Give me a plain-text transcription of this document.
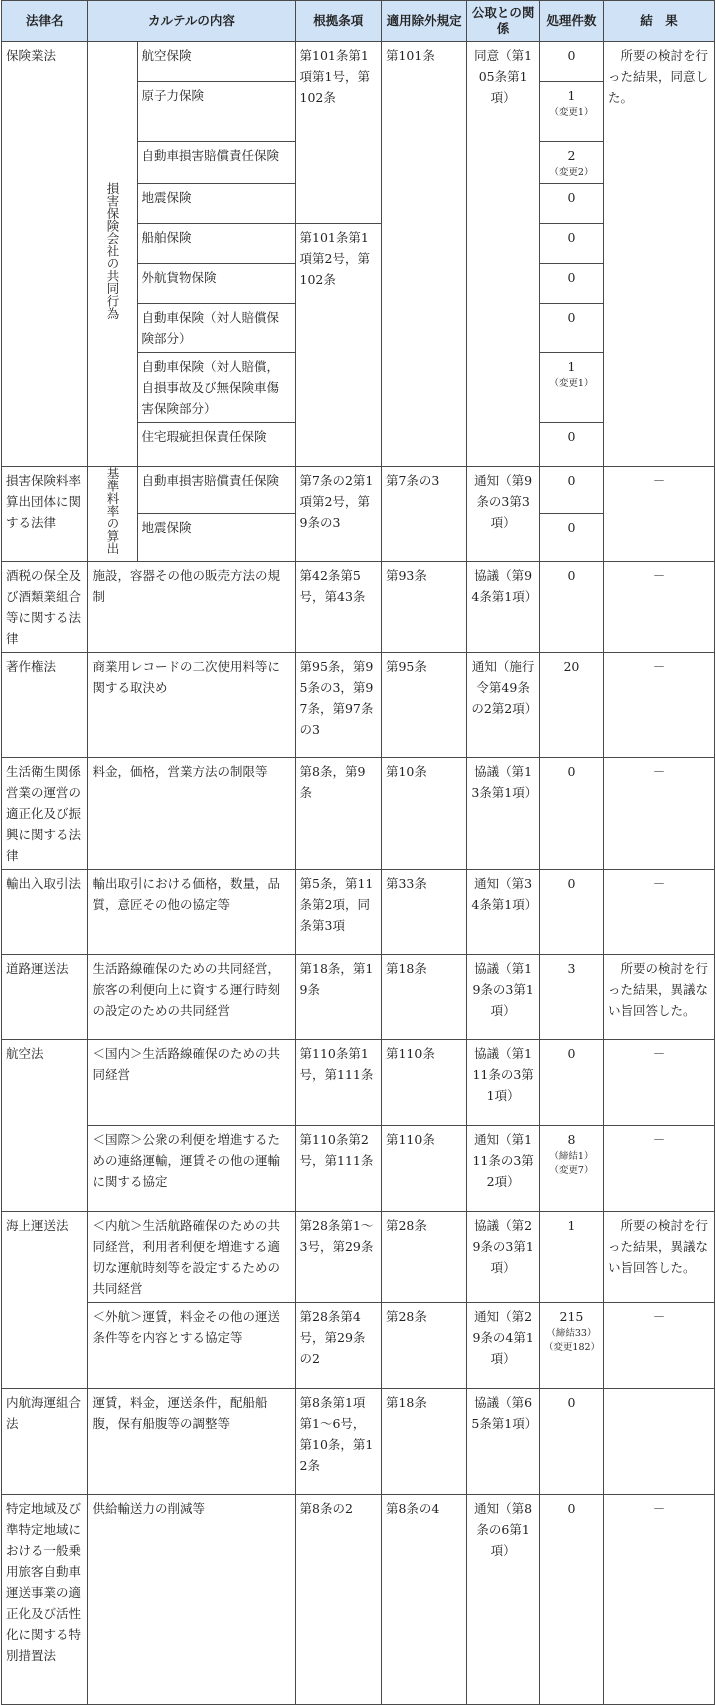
法律名	カルテルの内容		根拠条項	適用除外規定	公取との関係	処理件数	結　果
保険業法	損害保険会社の共同行為	航空保険	第101条第1項第1号，第102条	第101条	同意（第105条第1項）	0	所要の検討を行った結果，同意した。
		原子力保険				1
（変更1）	

		自動車損害賠償責任保険				2
（変更2）	

		地震保険				0	
		船舶保険	第101条第1項第2号，第102条			0	
		外航貨物保険				0	
		自動車保険（対人賠償保険部分）				0	
		自動車保険（対人賠償，自損事故及び無保険車傷害保険部分）				1
（変更1）	

		住宅瑕疵担保責任保険				0	
損害保険料率算出団体に関する法律	基準料率の算出	自動車損害賠償責任保険	第7条の2第1項第2号，第9条の3	第7条の3	通知（第9条の3第3項）	0	－
		地震保険				0	
酒税の保全及び酒類業組合等に関する法律	施設，容器その他の販売方法の規制		第42条第5号，第43条	第93条	協議（第94条第1項）	0	－
著作権法	商業用レコードの二次使用料等に関する取決め		第95条，第95条の3，第97条，第97条の3	第95条	通知（施行令第49条の2第2項）	20	－
生活衛生関係営業の運営の適正化及び振興に関する法律	料金，価格，営業方法の制限等		第8条，第9条	第10条	協議（第13条第1項）	0	－
輸出入取引法	輸出取引における価格，数量，品質，意匠その他の協定等		第5条，第11条第2項，同条第3項	第33条	通知（第34条第1項）	0	－
道路運送法	生活路線確保のための共同経営，旅客の利便向上に資する運行時刻の設定のための共同経営		第18条，第19条	第18条	協議（第19条の3第1項）	3	所要の検討を行った結果，異議ない旨回答した。
航空法	＜国内＞生活路線確保のための共同経営		第110条第1号，第111条	第110条	協議（第111条の3第1項）	0	－
	＜国際＞公衆の利便を増進するための連絡運輸，運賃その他の運輸に関する協定		第110条第2号，第111条	第110条	通知（第111条の3第2項）	8
（締結1）
（変更7）	－
海上運送法	＜内航＞生活航路確保のための共同経営，利用者利便を増進する適切な運航時刻等を設定するための共同経営		第28条第1～3号，第29条	第28条	協議（第29条の3第1項）	1	所要の検討を行った結果，異議ない旨回答した。
	＜外航＞運賃，料金その他の運送条件等を内容とする協定等		第28条第4号，第29条の2	第28条	通知（第29条の4第1項）	215
（締結33）
（変更182）	－
内航海運組合法	運賃，料金，運送条件，配船船腹，保有船腹等の調整等		第8条第1項第1～6号，第10条，第12条	第18条	協議（第65条第1項）	0	
特定地域及び準特定地域における一般乗用旅客自動車運送事業の適正化及び活性化に関する特別措置法	供給輸送力の削減等		第8条の2	第8条の4	通知（第8条の6第1項）	0	－
